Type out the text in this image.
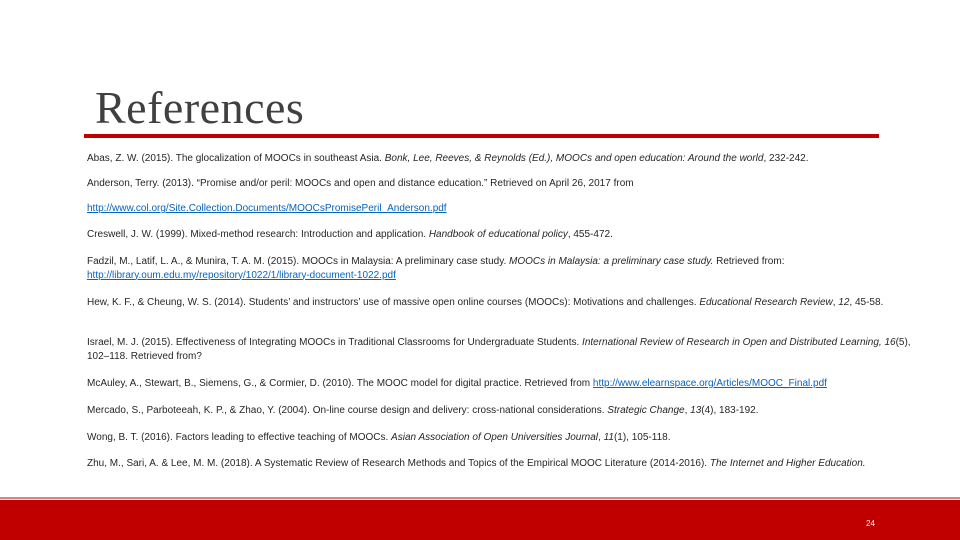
References

Abas, Z. W. (2015). The glocalization of MOOCs in southeast Asia. Bonk, Lee, Reeves, & Reynolds (Ed.), MOOCs and open education: Around the world, 232-242.

Anderson, Terry. (2013). “Promise and/or peril: MOOCs and open and distance education.” Retrieved on April 26, 2017 from

http://www.col.org/Site.Collection.Documents/MOOCsPromisePeril_Anderson.pdf

Creswell, J. W. (1999). Mixed-method research: Introduction and application. Handbook of educational policy, 455-472.

Fadzil, M., Latif, L. A., & Munira, T. A. M. (2015). MOOCs in Malaysia: A preliminary case study. MOOCs in Malaysia: a preliminary case study. Retrieved from:
http://library.oum.edu.my/repository/1022/1/library-document-1022.pdf

Hew, K. F., & Cheung, W. S. (2014). Students’ and instructors’ use of massive open online courses (MOOCs): Motivations and challenges. Educational Research Review, 12, 45-58.

Israel, M. J. (2015). Effectiveness of Integrating MOOCs in Traditional Classrooms for Undergraduate Students. International Review of Research in Open and Distributed Learning, 16(5), 102–118. Retrieved from?

McAuley, A., Stewart, B., Siemens, G., & Cormier, D. (2010). The MOOC model for digital practice. Retrieved from http://www.elearnspace.org/Articles/MOOC_Final.pdf

Mercado, S., Parboteeah, K. P., & Zhao, Y. (2004). On-line course design and delivery: cross-national considerations. Strategic Change, 13(4), 183-192.

Wong, B. T. (2016). Factors leading to effective teaching of MOOCs. Asian Association of Open Universities Journal, 11(1), 105-118.

Zhu, M., Sari, A. & Lee, M. M. (2018). A Systematic Review of Research Methods and Topics of the Empirical MOOC Literature (2014-2016). The Internet and Higher Education.

24
